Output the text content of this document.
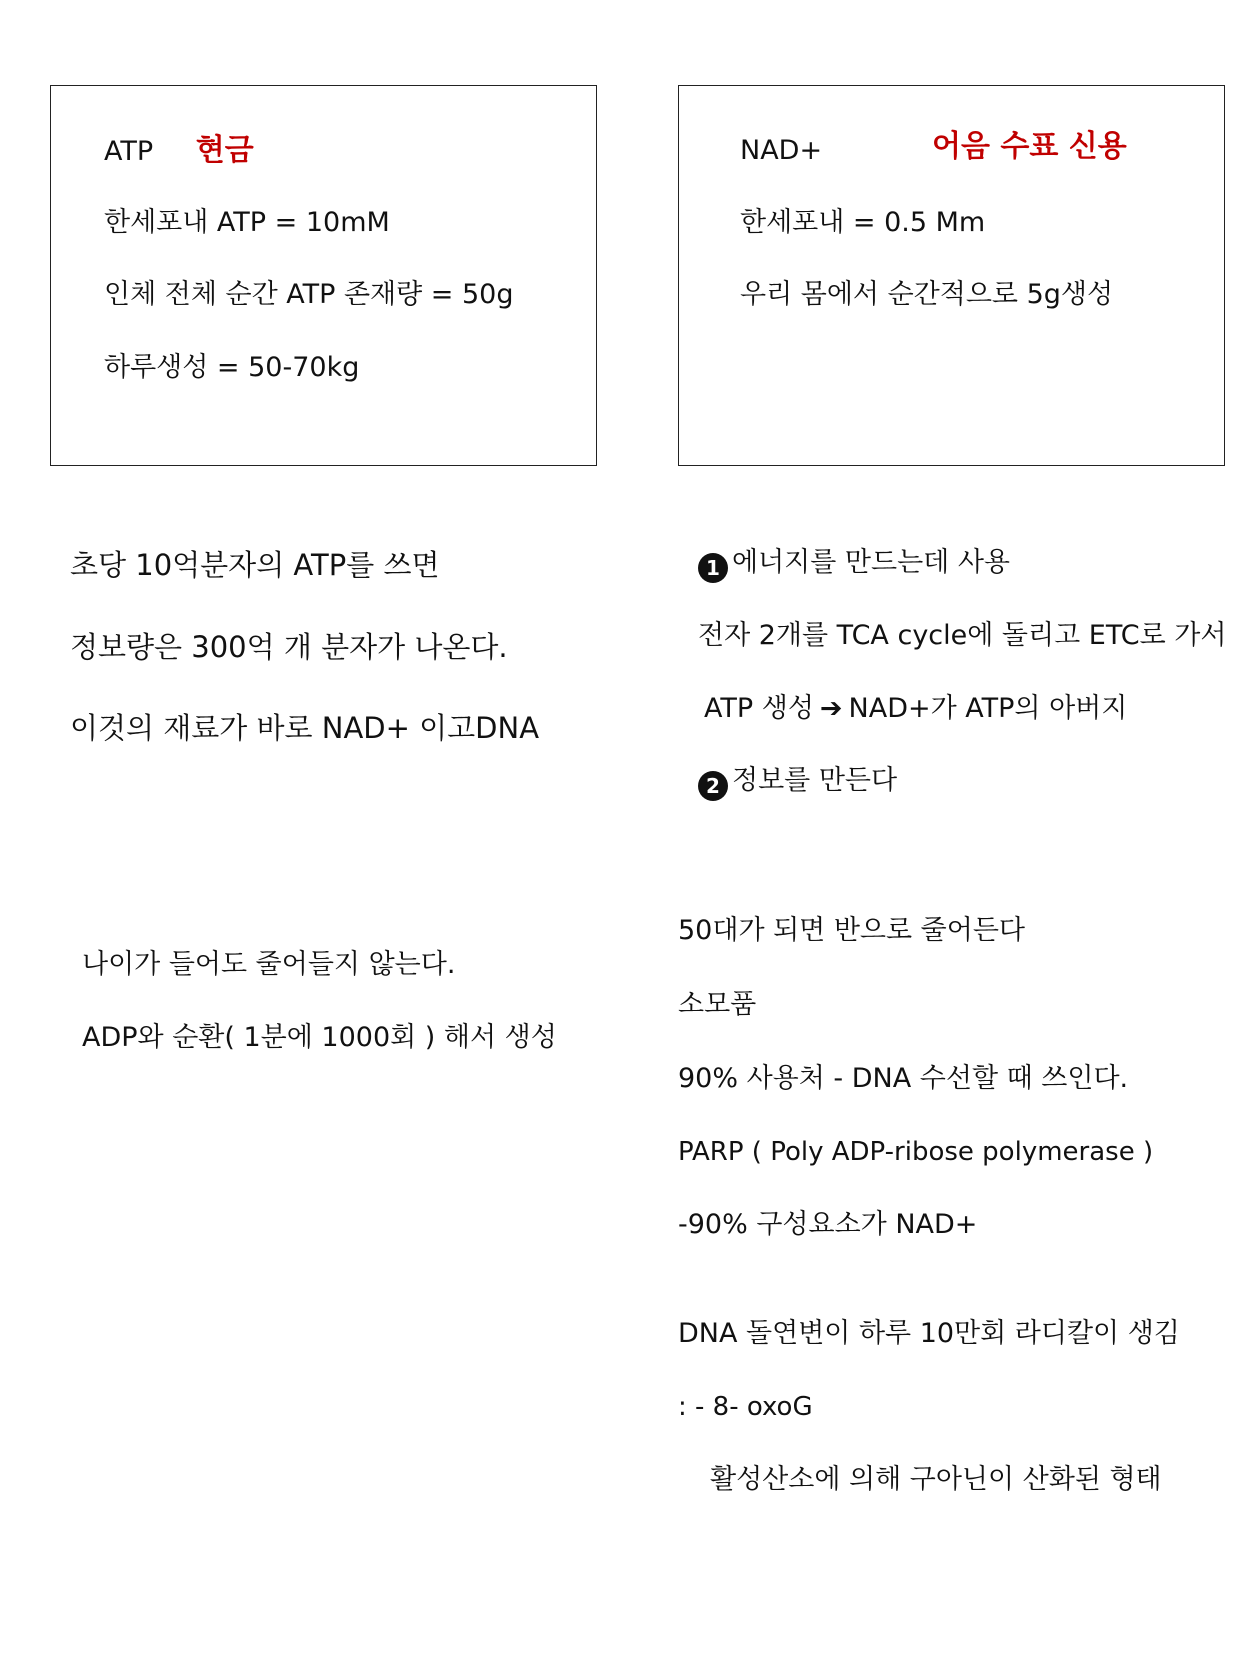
ATP 현금
한세포내 ATP = 10mM
인체 전체 순간 ATP 존재량 = 50g
하루생성 = 50-70kg
NAD+	어음 수표 신용
한세포내 = 0.5 Mm
우리 몸에서 순간적으로 5g생성
초당 10억분자의 ATP를 쓰면
정보량은 300억 개 분자가 나온다.
이것의 재료가 바로 NAD+ 이고DNA
1 에너지를 만드는데 사용
전자 2개를 TCA cycle에 돌리고 ETC로 가서
ATP 생성 ➔ NAD+가 ATP의 아버지
2 정보를 만든다
나이가 들어도 줄어들지 않는다.
ADP와 순환( 1분에 1000회 ) 해서 생성
50대가 되면 반으로 줄어든다
소모품
90% 사용처 - DNA 수선할 때 쓰인다.
PARP ( Poly ADP-ribose polymerase )
-90% 구성요소가 NAD+
DNA 돌연변이 하루 10만회 라디칼이 생김
: - 8- oxoG
활성산소에 의해 구아닌이 산화된 형태
